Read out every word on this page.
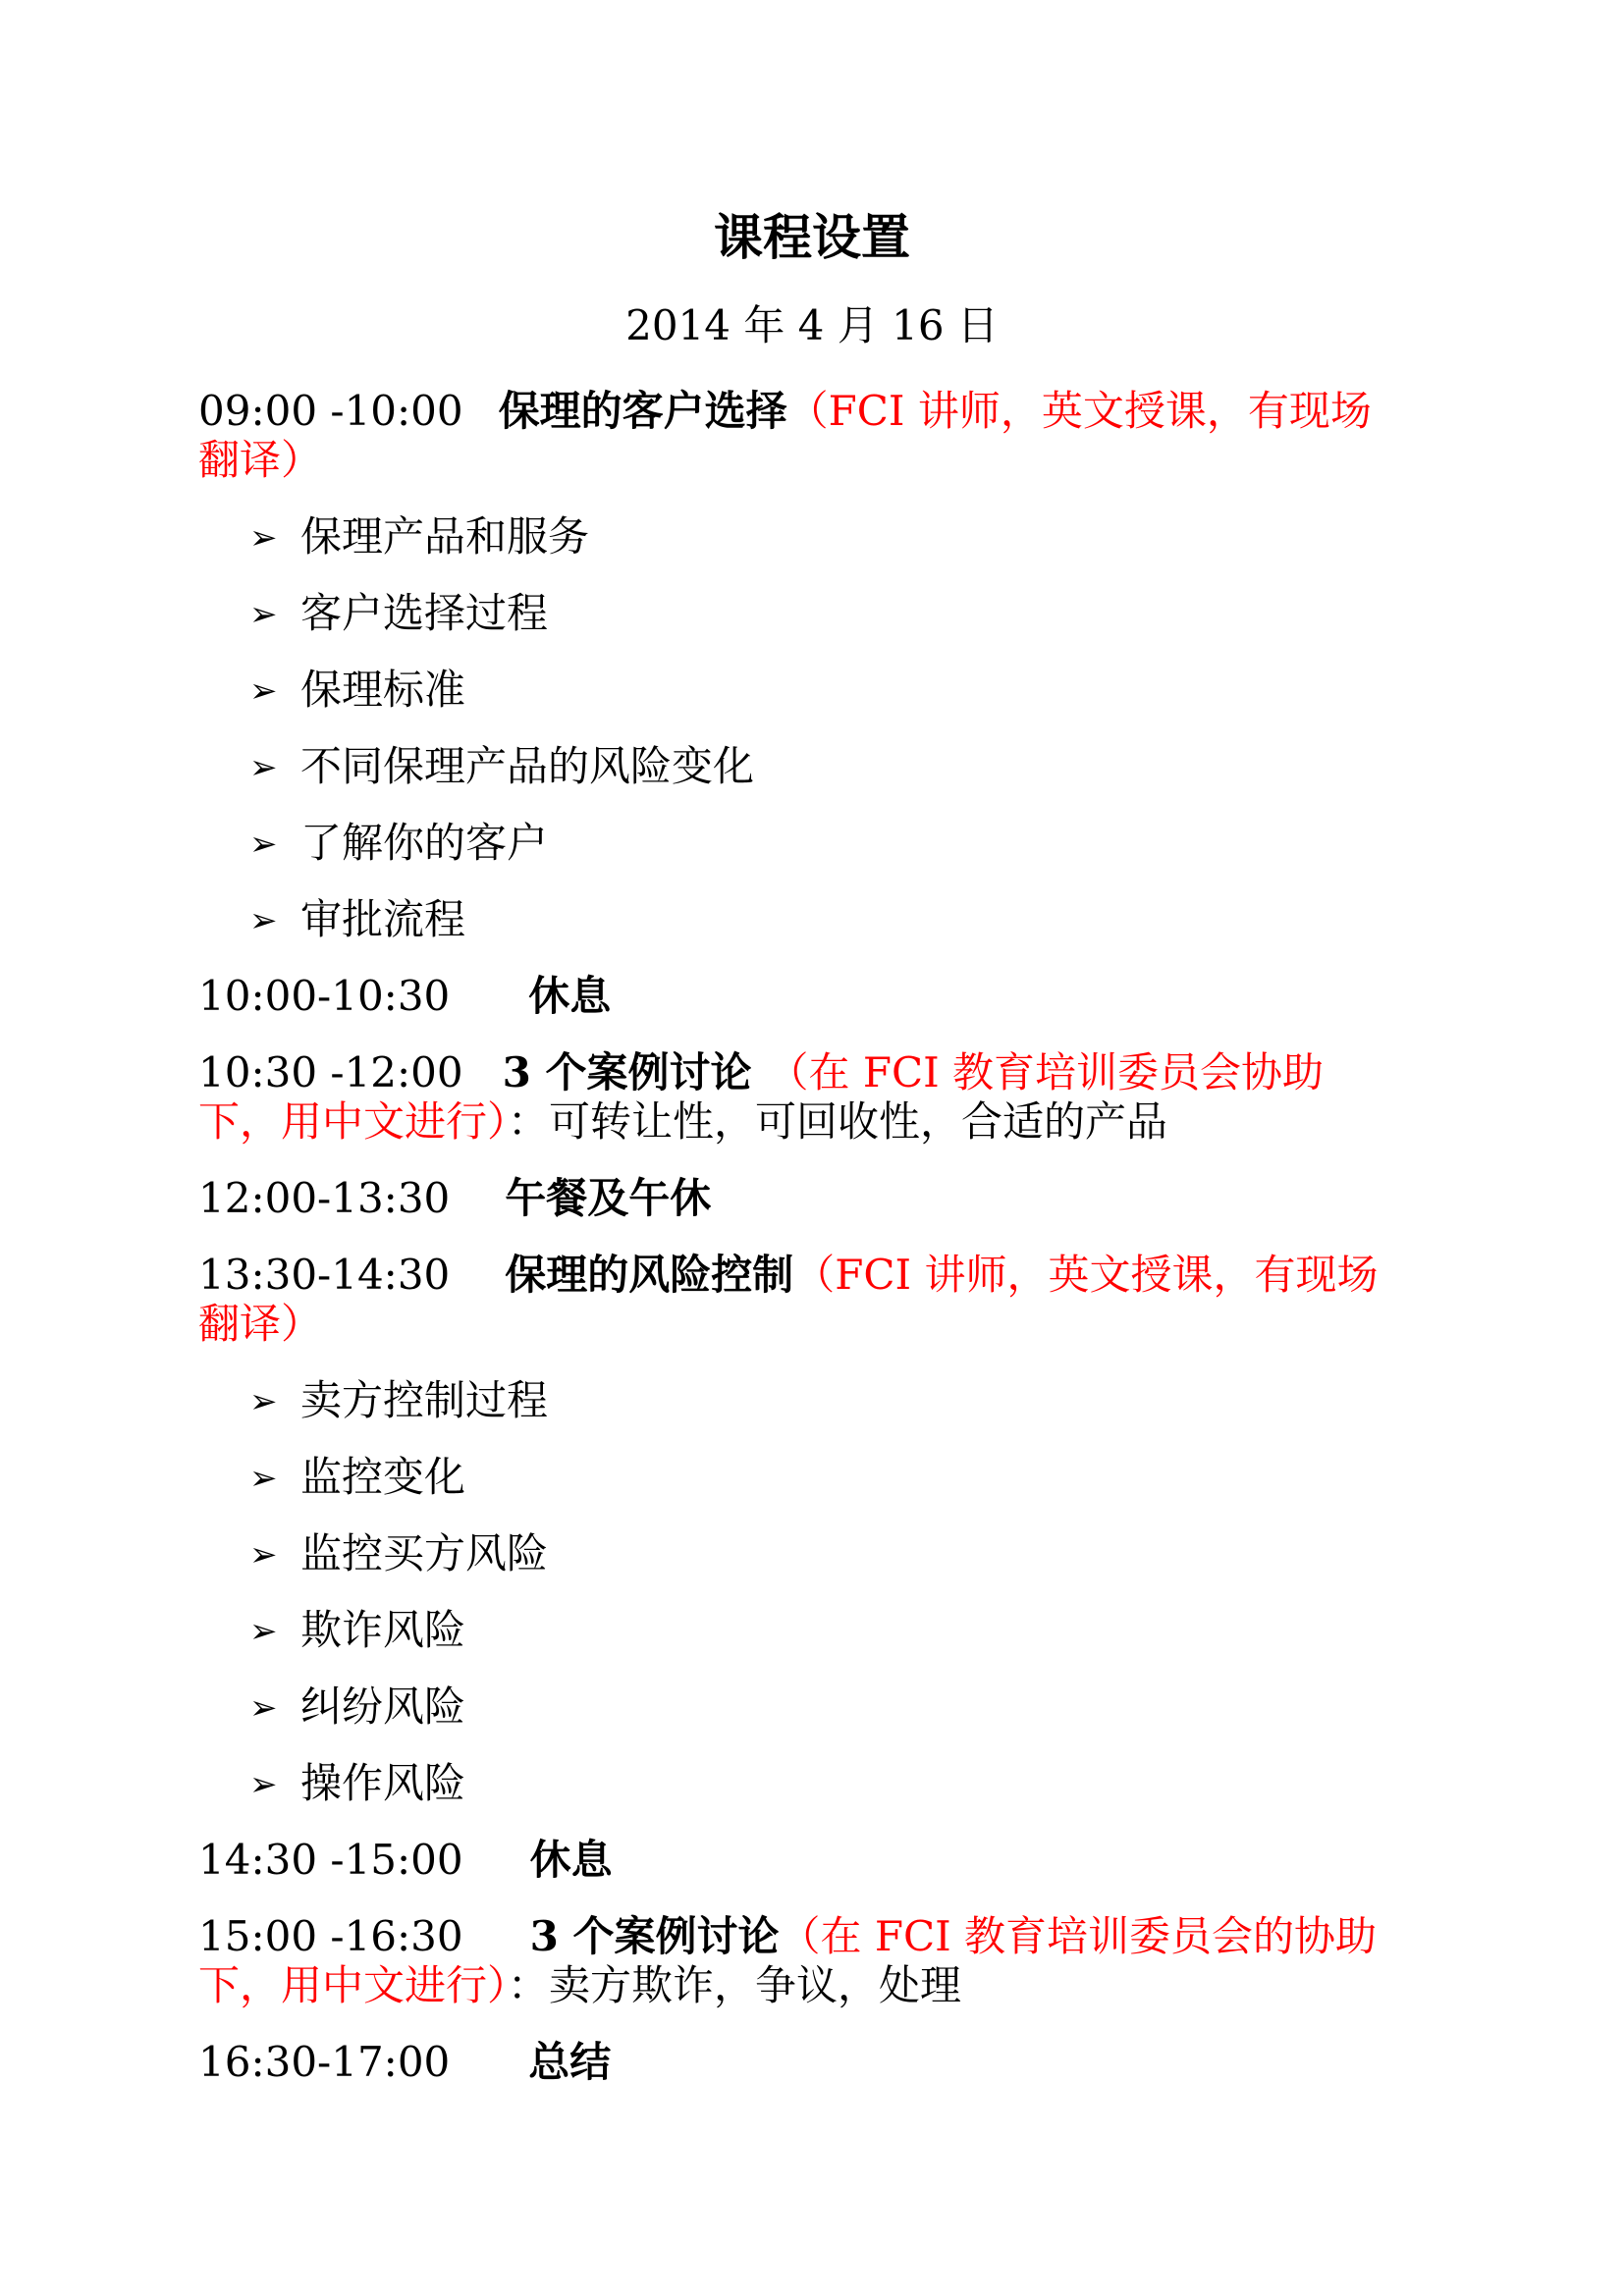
课程设置
2014 年 4 月 16 日
09:00 -10:00 保理的客户选择（FCI 讲师，英文授课，有现场
翻译）
➢ 保理产品和服务
➢ 客户选择过程
➢ 保理标准
➢ 不同保理产品的风险变化
➢ 了解你的客户
➢ 审批流程
10:00-10:30 休息
10:30 -12:00 3 个案例讨论 （在 FCI 教育培训委员会协助
下，用中文进行）：可转让性，可回收性，合适的产品
12:00-13:30 午餐及午休
13:30-14:30 保理的风险控制（FCI 讲师，英文授课，有现场
翻译）
➢ 卖方控制过程
➢ 监控变化
➢ 监控买方风险
➢ 欺诈风险
➢ 纠纷风险
➢ 操作风险
14:30 -15:00 休息
15:00 -16:30 3 个案例讨论（在 FCI 教育培训委员会的协助
下，用中文进行）：卖方欺诈，争议，处理
16:30-17:00 总结
